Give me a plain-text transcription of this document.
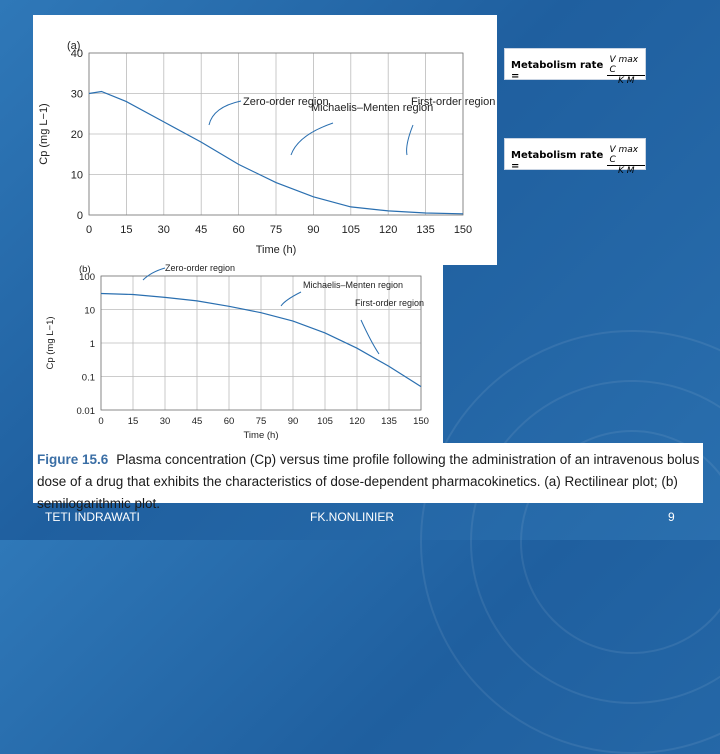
0	15 30 45 60 75 90 105 120 135 150
0
10
20
30
40
Time (h)
Cp (mg L−1)
(a)
Zero-order region
Michaelis–Menten region
First-order region
0	15 30 45 60 75 90 105 120 135 150
100
10
1
0.1
0.01
Time (h)
Cp (mg L−1)
(b)	Zero-order region
Michaelis–Menten region
First-order region
Metabolism rate =	$\frac{\text{V max C}}{\text{K M}}$
Metabolism rate =	$\frac{\text{V max C}}{\text{K M}}$
Figure 15.6 Plasma concentration (Cp) versus time profile following the administration of an intravenous bolus dose of a drug that exhibits the characteristics of dose-dependent pharmacokinetics. (a) Rectilinear plot; (b) semilogarithmic plot.
TETI INDRAWATI	FK.NONLINIER	9
